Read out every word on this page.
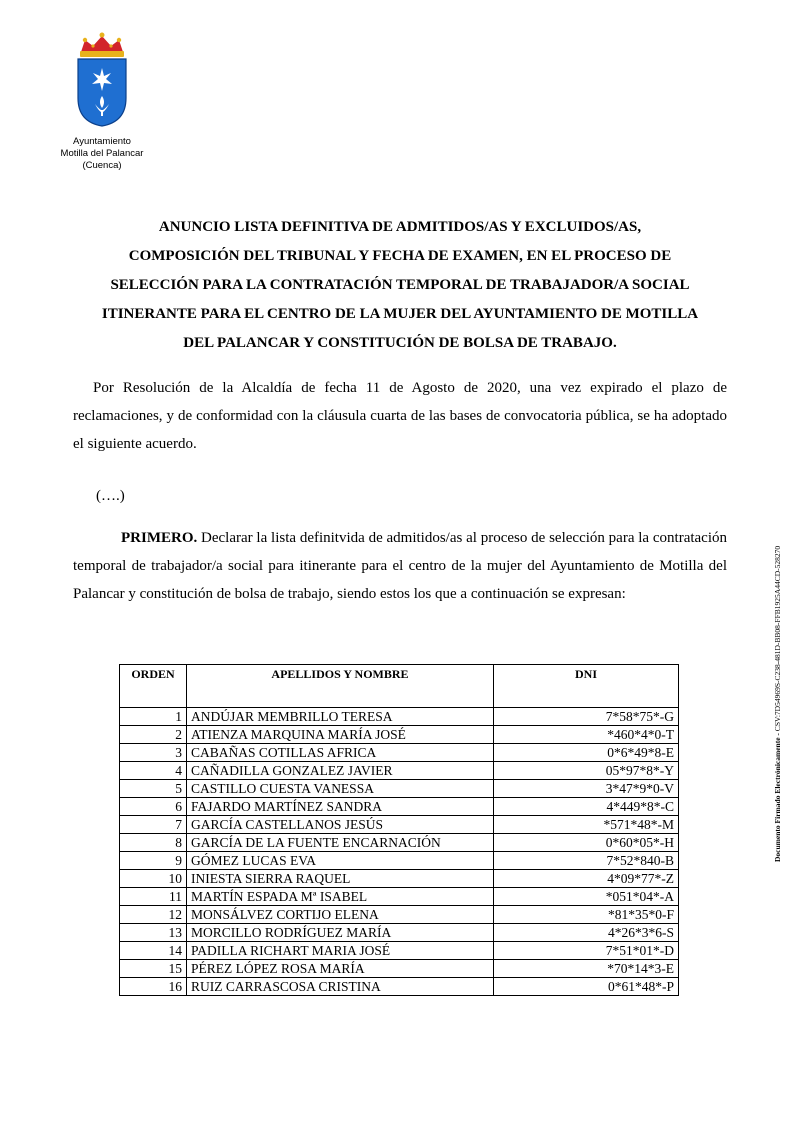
Ayuntamiento
Motilla del Palancar
(Cuenca)
ANUNCIO LISTA DEFINITIVA DE ADMITIDOS/AS Y EXCLUIDOS/AS,
COMPOSICIÓN DEL TRIBUNAL Y FECHA DE EXAMEN, EN EL PROCESO DE
SELECCIÓN PARA LA CONTRATACIÓN TEMPORAL DE TRABAJADOR/A SOCIAL
ITINERANTE PARA EL CENTRO DE LA MUJER DEL AYUNTAMIENTO DE MOTILLA
DEL PALANCAR Y CONSTITUCIÓN DE BOLSA DE TRABAJO.
Por Resolución de la Alcaldía de fecha 11 de Agosto de 2020, una vez expirado el plazo de reclamaciones, y de conformidad con la cláusula cuarta de las bases de convocatoria pública, se ha adoptado el siguiente acuerdo.
(….)
PRIMERO. Declarar la lista definitvida de admitidos/as al proceso de selección para la contratación temporal de trabajador/a social para itinerante para el centro de la mujer del Ayuntamiento de Motilla del Palancar y constitución de bolsa de trabajo, siendo estos los que a continuación se expresan:
Documento Firmado Electrónicamente - CSV:7D54969S-C238-481D-BB08-FFB1925A44CD-528270
ORDEN	APELLIDOS Y NOMBRE	DNI
1	ANDÚJAR MEMBRILLO TERESA	7*58*75*-G
2	ATIENZA MARQUINA MARÍA JOSÉ	*460*4*0-T
3	CABAÑAS COTILLAS AFRICA	0*6*49*8-E
4	CAÑADILLA GONZALEZ JAVIER	05*97*8*-Y
5	CASTILLO CUESTA VANESSA	3*47*9*0-V
6	FAJARDO MARTÍNEZ SANDRA	4*449*8*-C
7	GARCÍA CASTELLANOS JESÚS	*571*48*-M
8	GARCÍA DE LA FUENTE ENCARNACIÓN	0*60*05*-H
9	GÓMEZ LUCAS EVA	7*52*840-B
10	INIESTA SIERRA RAQUEL	4*09*77*-Z
11	MARTÍN ESPADA Mª ISABEL	*051*04*-A
12	MONSÁLVEZ CORTIJO ELENA	*81*35*0-F
13	MORCILLO RODRÍGUEZ MARÍA	4*26*3*6-S
14	PADILLA RICHART MARIA JOSÉ	7*51*01*-D
15	PÉREZ LÓPEZ ROSA MARÍA	*70*14*3-E
16	RUIZ CARRASCOSA CRISTINA	0*61*48*-P
